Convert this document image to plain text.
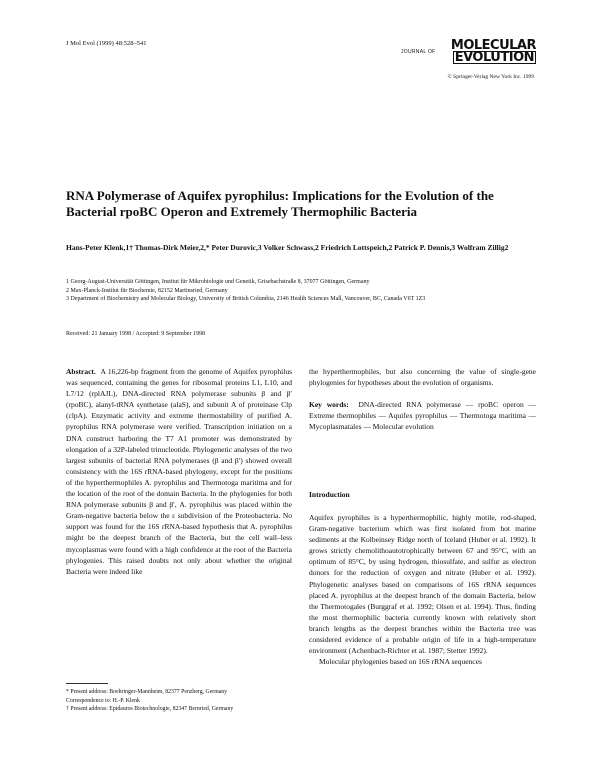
J Mol Evol (1999) 48:528–541
JOURNAL OF MOLECULAR
EVOLUTION
© Springer-Verlag New York Inc. 1999
RNA Polymerase of Aquifex pyrophilus: Implications for the Evolution of the Bacterial rpoBC Operon and Extremely Thermophilic Bacteria
Hans-Peter Klenk,1† Thomas-Dirk Meier,2,* Peter Durovic,3 Volker Schwass,2 Friedrich Lottspeich,2 Patrick P. Dennis,3 Wolfram Zillig2
1 Georg-August-Universität Göttingen, Institut für Mikrobiologie und Genetik, Grisebachstraße 8, 37077 Göttingen, Germany
2 Max-Planck-Institut für Biochemie, 82152 Martinsried, Germany
3 Department of Biochemistry and Molecular Biology, University of British Columbia, 2146 Health Sciences Mall, Vancouver, BC, Canada V6T 1Z3
Received: 21 January 1998 / Accepted: 9 September 1998

Abstract. A 16,226-bp fragment from the genome of Aquifex pyrophilus was sequenced, containing the genes for ribosomal proteins L1, L10, and L7/12 (rplAJL), DNA-directed RNA polymerase subunits β and β′ (rpoBC), alanyl-tRNA synthetase (alaS), and subunit A of proteinase Clp (clpA). Enzymatic activity and extreme thermostability of purified A. pyrophilus RNA polymerase were verified. Transcription initiation on a DNA construct harboring the T7 A1 promoter was demonstrated by elongation of a 32P-labeled trinucleotide. Phylogenetic analyses of the two largest subunits of bacterial RNA polymerases (β and β′) showed overall consistency with the 16S rRNA-based phylogeny, except for the positions of the hyperthermophiles A. pyrophilus and Thermotoga maritima and for the location of the root of the domain Bacteria. In the phylogenies for both RNA polymerase subunits β and β′, A. pyrophilus was placed within the Gram-negative bacteria below the ε subdivision of the Proteobacteria. No support was found for the 16S rRNA-based hypothesis that A. pyrophilus might be the deepest branch of the Bacteria, but the cell wall–less mycoplasmas were found with a high confidence at the root of the Bacteria phylogenies. This raised doubts not only about whether the original Bacteria were indeed like

the hyperthermophiles, but also concerning the value of single-gene phylogenies for hypotheses about the evolution of organisms.

Key words: DNA-directed RNA polymerase — rpoBC operon — Extreme thermophiles — Aquifex pyrophilus — Thermotoga maritima — Mycoplasmatales — Molecular evolution

Introduction

Aquifex pyrophilus is a hyperthermophilic, highly motile, rod-shaped, Gram-negative bacterium which was first isolated from hot marine sediments at the Kolbeinsey Ridge north of Iceland (Huber et al. 1992). It grows strictly chemolithoautotrophically between 67 and 95°C, with an optimum of 85°C, by using hydrogen, thiosulfate, and sulfur as electron donors for the reduction of oxygen and nitrate (Huber et al. 1992). Phylogenetic analyses based on comparisons of 16S rRNA sequences placed A. pyrophilus at the deepest branch of the domain Bacteria, below the Thermotogales (Burggraf et al. 1992; Olsen et al. 1994). Thus, finding the most thermophilic bacteria currently known with relatively short branch lengths as the deepest branches within the Bacteria tree was considered evidence of a probable origin of life in a high-temperature environment (Achenbach-Richter et al. 1987; Stetter 1992).

Molecular phylogenies based on 16S rRNA sequences

* Present address: Boehringer-Mannheim, 82377 Penzberg, Germany

Correspondence to: H.-P. Klenk

† Present address: Epidauros Biotechnologie, 82347 Bernried, Germany
